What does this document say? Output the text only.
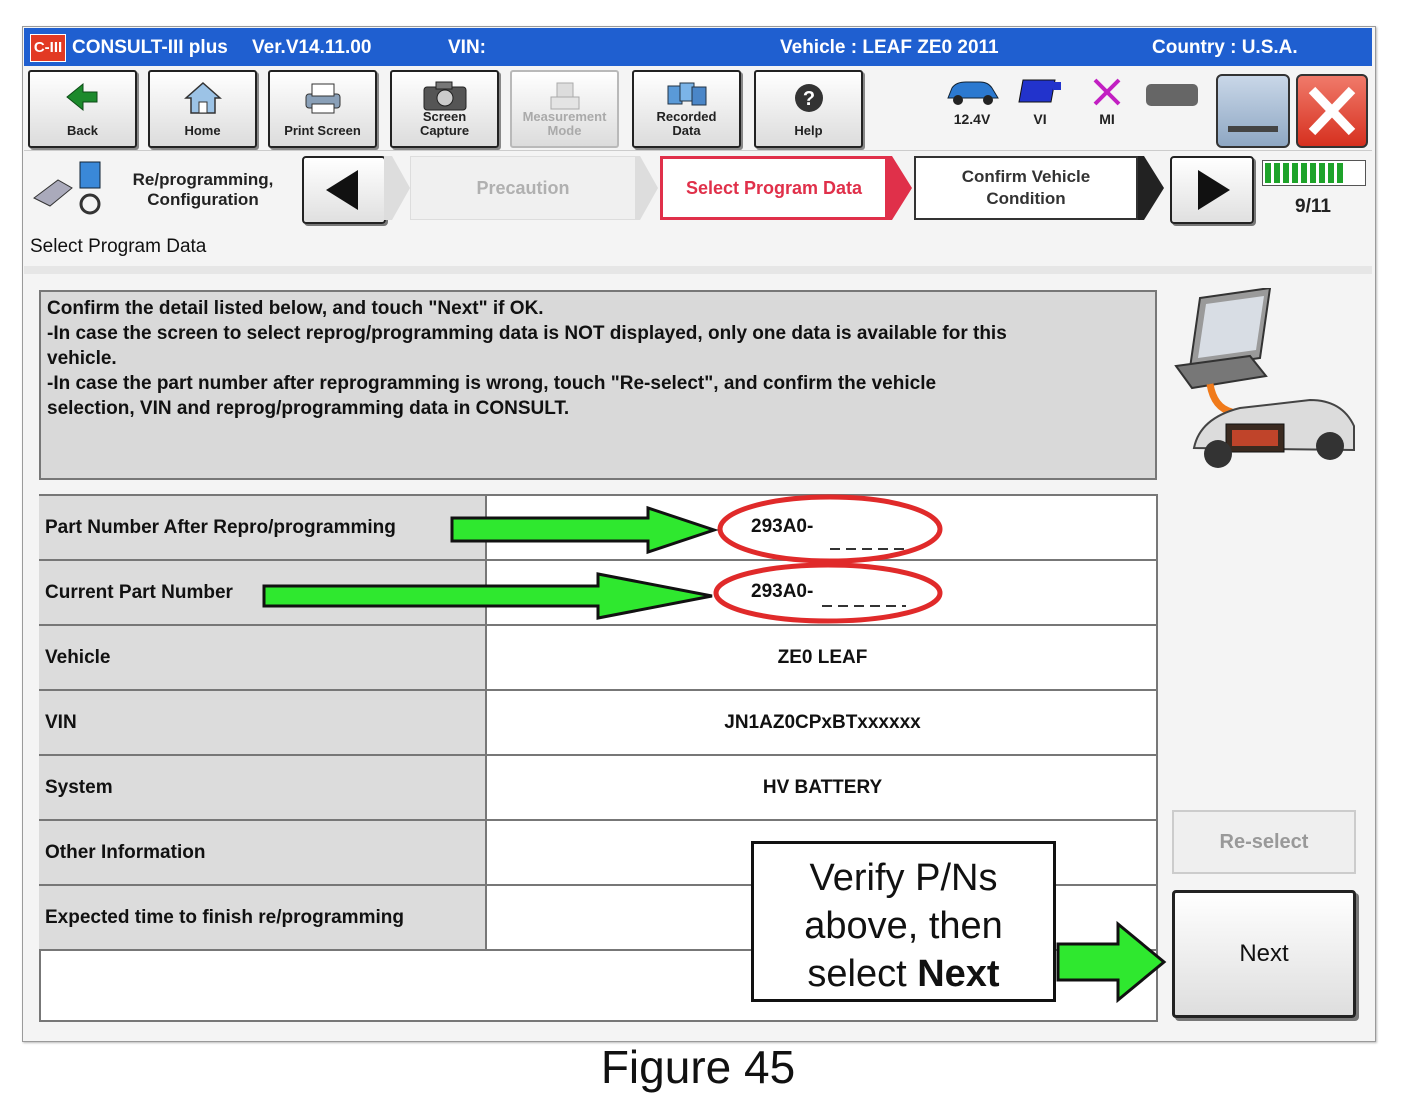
C-III CONSULT-III plus Ver.V14.11.00	VIN:	Vehicle : LEAF ZE0 2011	Country : U.S.A.
Back	Home	Print Screen
Screen
Capture
Measurement
Mode
Recorded
Data
?
Help
12.4V	VI	MI
Re/programming,
Configuration
Precaution	Select Program Data
Confirm Vehicle
Condition	9/11
Select Program Data
Confirm the detail listed below, and touch "Next" if OK.
-In case the screen to select reprog/programming data is NOT displayed, only one data is available for this
vehicle.
-In case the part number after reprogramming is wrong, touch "Re-select", and confirm the vehicle
selection, VIN and reprog/programming data in CONSULT.
Part Number After Repro/programming	293A0-
Current Part Number	293A0-
Vehicle	ZE0 LEAF
VIN	JN1AZ0CPxBTxxxxxx
System	HV BATTERY
Other Information
Expected time to finish re/programming
Verify P/Ns
above, then
select Next
Re-select
Next
Figure 45
